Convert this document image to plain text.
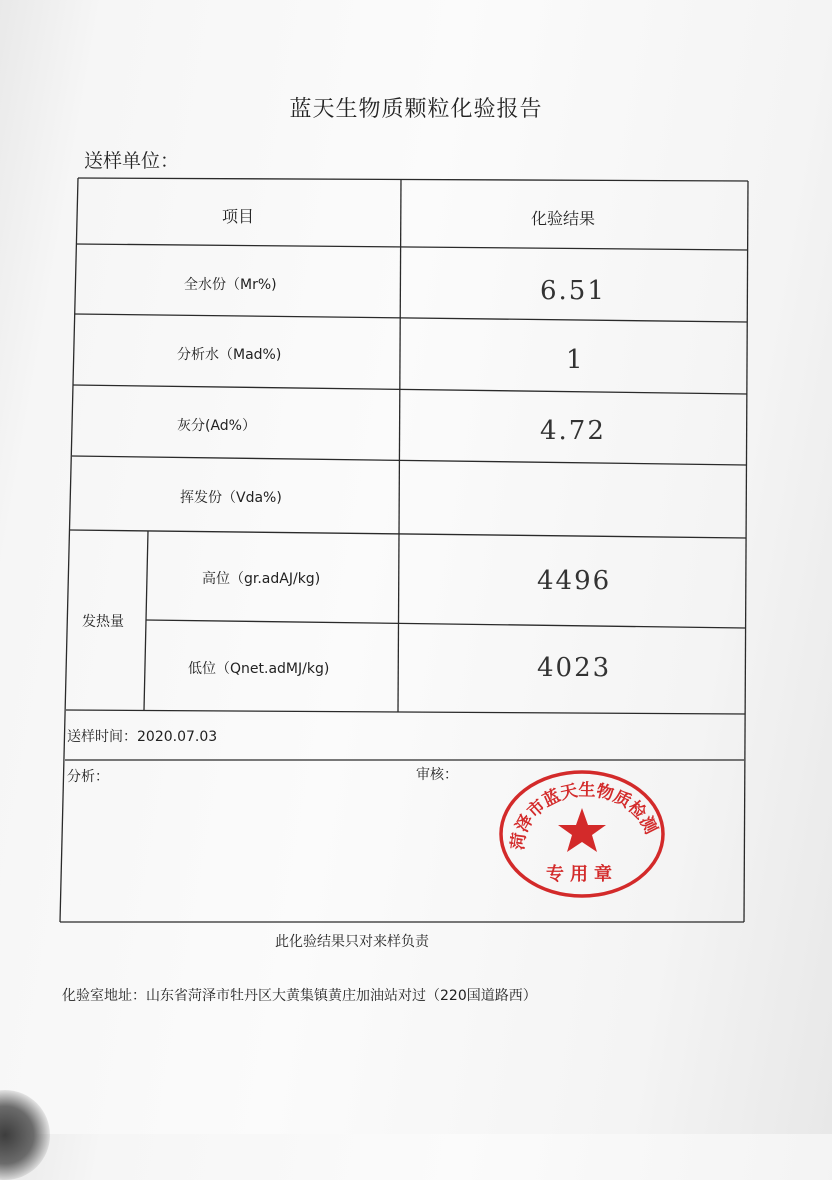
蓝天生物质颗粒化验报告
送样单位：
项目	化验结果
全水份（Mr%)	6.51
分析水（Mad%)	1
灰分(Ad%）	4.72
挥发份（Vda%)
发热量
高位（gr.adAJ/kg)	4496
低位（Qnet.adMJ/kg)	4023
送样时间：2020.07.03
分析：	审核：
菏泽市蓝天生物质检测
专用章
此化验结果只对来样负责
化验室地址：山东省菏泽市牡丹区大黄集镇黄庄加油站对过（220国道路西）
